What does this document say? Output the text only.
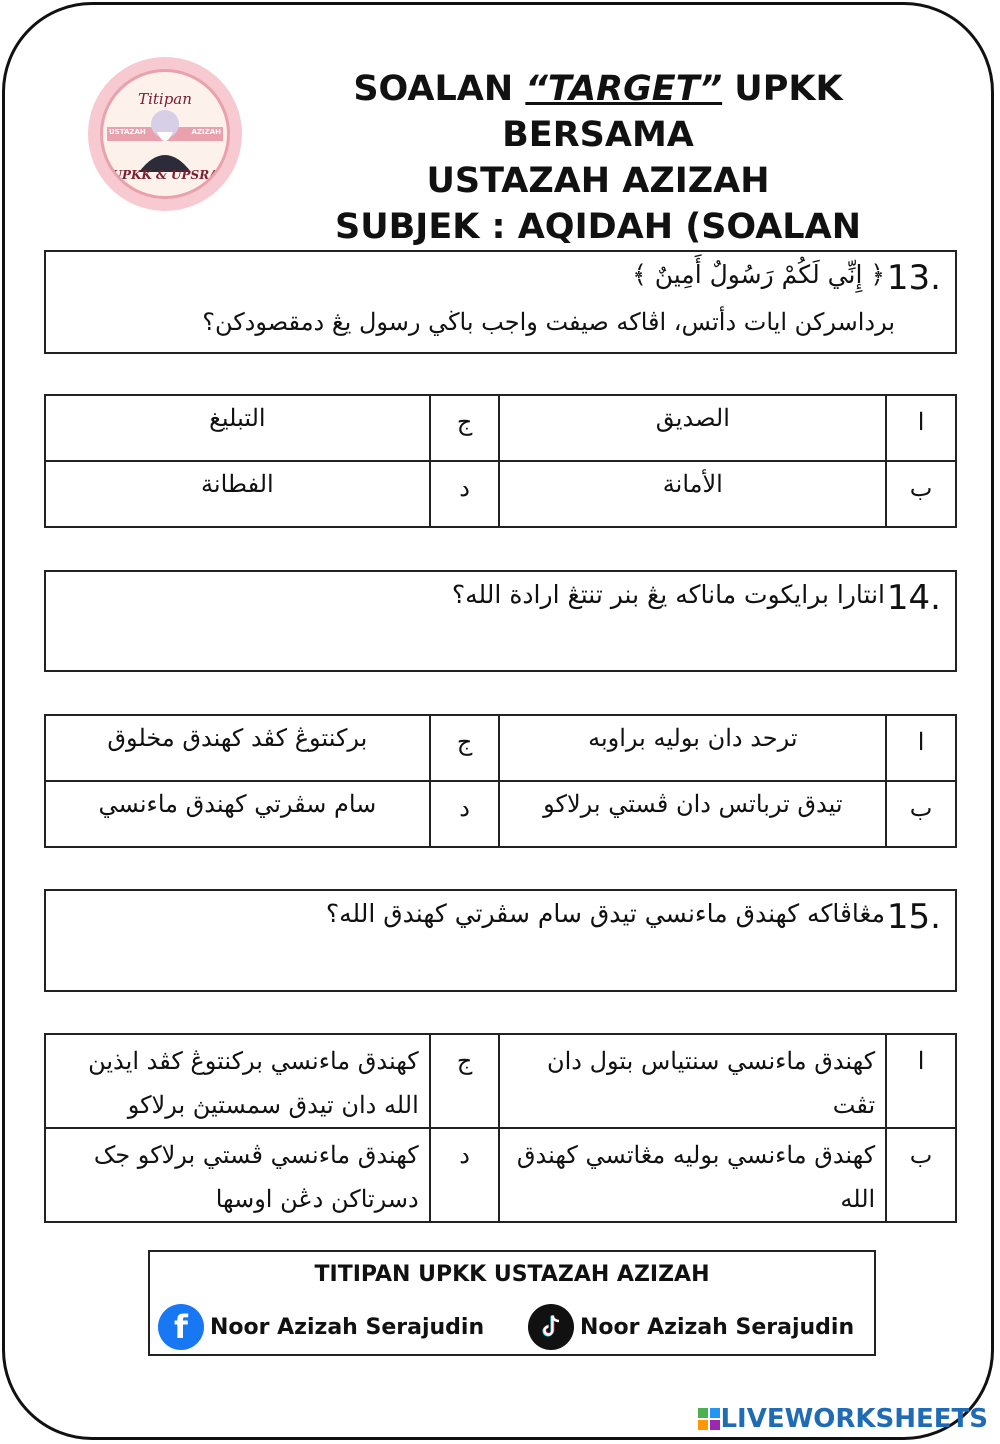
Titipan
USTAZAH	AZIZAH
UPKK & UPSRA
SOALAN “TARGET” UPKK BERSAMA
USTAZAH AZIZAH
SUBJEK : AQIDAH (SOALAN
13.
﴿ إِنِّي لَكُمْ رَسُولٌ أَمِينٌ ﴾
برداسرکن ايات دأتس، اڤاکه صيفت واجب باڬي رسول يڠ دمقصودکن؟
التبليغ	ج	الصديق	ا
الفطانة	د	الأمانة	ب
14.
انتارا برايکوت ماناکه يڠ بنر تنتڠ ارادة الله؟
برکنتوڠ کڤد کهندق مخلوق	ج	ترحد دان بوليه براوبه	ا
سام سڤرتي کهندق ماءنسي	د	تيدق ترباتس دان ڤستي برلاکو	ب
15.
مڠاڤاکه کهندق ماءنسي تيدق سام سڤرتي کهندق الله؟
کهندق ماءنسي برکنتوڠ کڤد ايذين الله دان تيدق سمستيڽ برلاکو	ج	کهندق ماءنسي سنتياس بتول دان تڤت	ا
کهندق ماءنسي ڤستي برلاکو جک دسرتاکن دڠن اوسها	د	کهندق ماءنسي بوليه مڠاتسي کهندق الله	ب
TITIPAN UPKK USTAZAH AZIZAH
f Noor Azizah Serajudin	Noor Azizah Serajudin
LIVEWORKSHEETS
